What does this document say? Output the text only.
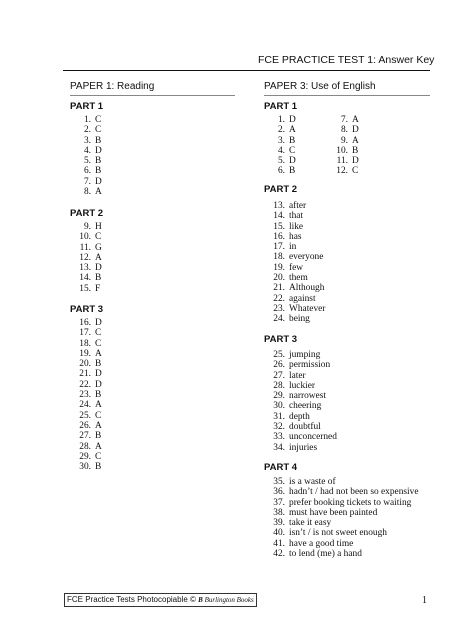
FCE PRACTICE TEST 1: Answer Key
PAPER 1: Reading
PART 1
1. C
2. C
3. B
4. D
5. B
6. B
7. D
8. A
PART 2
9. H
10. C
11. G
12. A
13. D
14. B
15. F
PART 3
16. D
17. C
18. C
19. A
20. B
21. D
22. D
23. B
24. A
25. C
26. A
27. B
28. A
29. C
30. B
PAPER 3: Use of English
PART 1
1. D
2. A
3. B
4. C
5. D
6. B
7. A
8. D
9. A
10. B
11. D
12. C
PART 2
13. after
14. that
15. like
16. has
17. in
18. everyone
19. few
20. them
21. Although
22. against
23. Whatever
24. being
PART 3
25. jumping
26. permission
27. later
28. luckier
29. narrowest
30. cheering
31. depth
32. doubtful
33. unconcerned
34. injuries
PART 4
35. is a waste of
36. hadn’t / had not been so expensive
37. prefer booking tickets to waiting
38. must have been painted
39. take it easy
40. isn’t / is not sweet enough
41. have a good time
42. to lend (me) a hand
FCE Practice Tests Photocopiable © B Burlington Books	1
